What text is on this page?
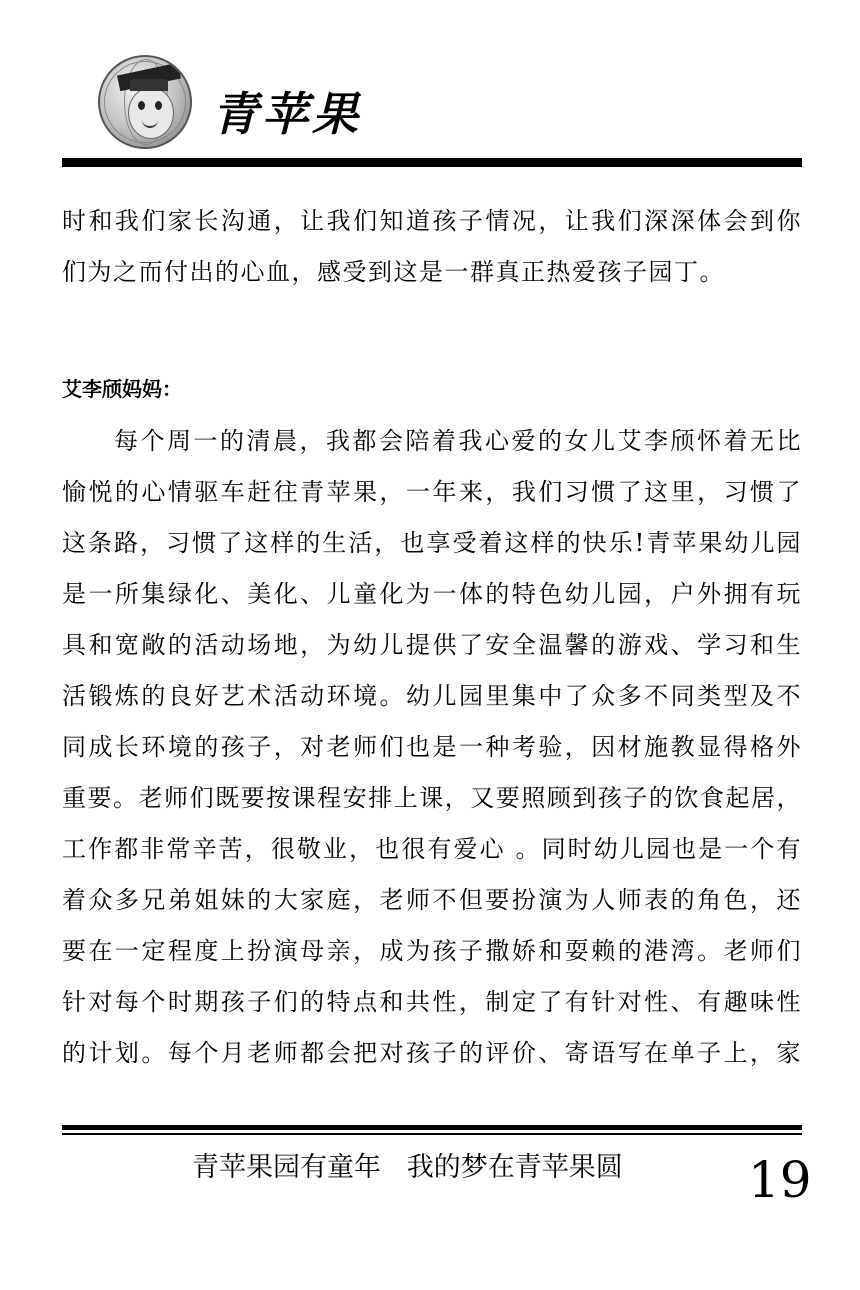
青苹果
时和我们家长沟通，让我们知道孩子情况，让我们深深体会到你
们为之而付出的心血，感受到这是一群真正热爱孩子园丁。
艾李颀妈妈：
每个周一的清晨，我都会陪着我心爱的女儿艾李颀怀着无比
愉悦的心情驱车赶往青苹果，一年来，我们习惯了这里，习惯了
这条路，习惯了这样的生活，也享受着这样的快乐!青苹果幼儿园
是一所集绿化、美化、儿童化为一体的特色幼儿园，户外拥有玩
具和宽敞的活动场地，为幼儿提供了安全温馨的游戏、学习和生
活锻炼的良好艺术活动环境。幼儿园里集中了众多不同类型及不
同成长环境的孩子，对老师们也是一种考验，因材施教显得格外
重要。老师们既要按课程安排上课，又要照顾到孩子的饮食起居，
工作都非常辛苦，很敬业，也很有爱心 。同时幼儿园也是一个有
着众多兄弟姐妹的大家庭，老师不但要扮演为人师表的角色，还
要在一定程度上扮演母亲，成为孩子撒娇和耍赖的港湾。老师们
针对每个时期孩子们的特点和共性，制定了有针对性、有趣味性
的计划。每个月老师都会把对孩子的评价、寄语写在单子上，家
青苹果园有童年   我的梦在青苹果圆	19
